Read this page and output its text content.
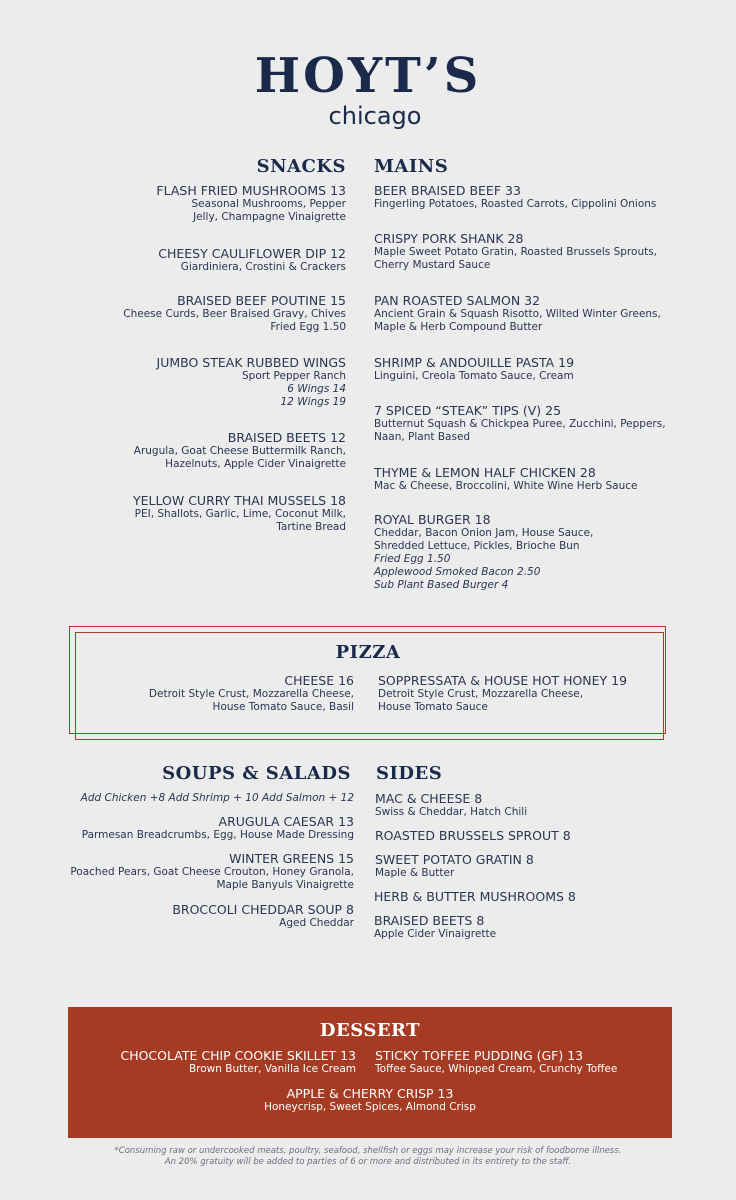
HOYT’S
chicago
SNACKS
FLASH FRIED MUSHROOMS 13
Seasonal Mushrooms, Pepper
Jelly, Champagne Vinaigrette
CHEESY CAULIFLOWER DIP 12
Giardiniera, Crostini & Crackers
BRAISED BEEF POUTINE 15
Cheese Curds, Beer Braised Gravy, Chives
Fried Egg 1.50
JUMBO STEAK RUBBED WINGS
Sport Pepper Ranch
6 Wings 14
12 Wings 19
BRAISED BEETS 12
Arugula, Goat Cheese Buttermilk Ranch,
Hazelnuts, Apple Cider Vinaigrette
YELLOW CURRY THAI MUSSELS 18
PEI, Shallots, Garlic, Lime, Coconut Milk,
Tartine Bread
MAINS
BEER BRAISED BEEF 33
Fingerling Potatoes, Roasted Carrots, Cippolini Onions
CRISPY PORK SHANK 28
Maple Sweet Potato Gratin, Roasted Brussels Sprouts,
Cherry Mustard Sauce
PAN ROASTED SALMON 32
Ancient Grain & Squash Risotto, Wilted Winter Greens,
Maple & Herb Compound Butter
SHRIMP & ANDOUILLE PASTA 19
Linguini, Creola Tomato Sauce, Cream
7 SPICED “STEAK” TIPS (V) 25
Butternut Squash & Chickpea Puree, Zucchini, Peppers,
Naan, Plant Based
THYME & LEMON HALF CHICKEN 28
Mac & Cheese, Broccolini, White Wine Herb Sauce
ROYAL BURGER 18
Cheddar, Bacon Onion Jam, House Sauce,
Shredded Lettuce, Pickles, Brioche Bun
Fried Egg 1.50
Applewood Smoked Bacon 2.50
Sub Plant Based Burger 4
PIZZA
CHEESE 16
Detroit Style Crust, Mozzarella Cheese,
House Tomato Sauce, Basil
SOPPRESSATA & HOUSE HOT HONEY 19
Detroit Style Crust, Mozzarella Cheese,
House Tomato Sauce
SOUPS & SALADS
Add Chicken +8 Add Shrimp + 10 Add Salmon + 12
ARUGULA CAESAR 13
Parmesan Breadcrumbs, Egg, House Made Dressing
WINTER GREENS 15
Poached Pears, Goat Cheese Crouton, Honey Granola,
Maple Banyuls Vinaigrette
BROCCOLI CHEDDAR SOUP 8
Aged Cheddar
SIDES
MAC & CHEESE 8
Swiss & Cheddar, Hatch Chili
ROASTED BRUSSELS SPROUT 8
SWEET POTATO GRATIN 8
Maple & Butter
HERB & BUTTER MUSHROOMS 8
BRAISED BEETS 8
Apple Cider Vinaigrette
DESSERT
CHOCOLATE CHIP COOKIE SKILLET 13
Brown Butter, Vanilla Ice Cream
STICKY TOFFEE PUDDING (GF) 13
Toffee Sauce, Whipped Cream, Crunchy Toffee
APPLE & CHERRY CRISP 13
Honeycrisp, Sweet Spices, Almond Crisp
*Consuming raw or undercooked meats, poultry, seafood, shellfish or eggs may increase your risk of foodborne illness.
An 20% gratuity will be added to parties of 6 or more and distributed in its entirety to the staff.
